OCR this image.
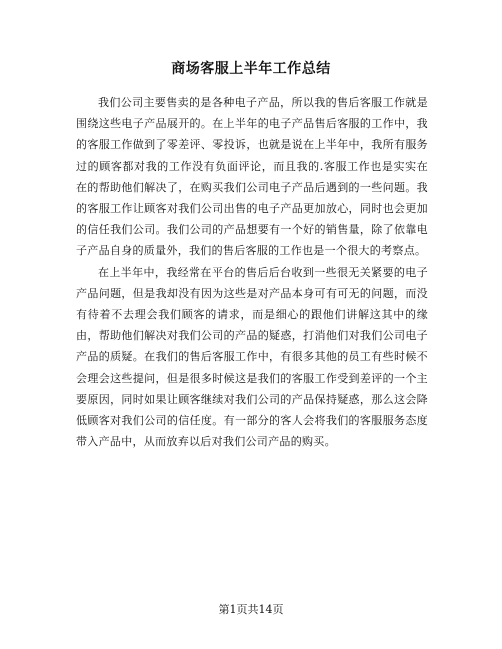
商场客服上半年工作总结

我们公司主要售卖的是各种电子产品，所以我的售后客服工作就是围绕这些电子产品展开的。在上半年的电子产品售后客服的工作中，我的客服工作做到了零差评、零投诉，也就是说在上半年中，我所有服务过的顾客都对我的工作没有负面评论，而且我的.客服工作也是实实在在的帮助他们解决了，在购买我们公司电子产品后遇到的一些问题。我的客服工作让顾客对我们公司出售的电子产品更加放心，同时也会更加的信任我们公司。我们公司的产品想要有一个好的销售量，除了依靠电子产品自身的质量外，我们的售后客服的工作也是一个很大的考察点。

在上半年中，我经常在平台的售后后台收到一些很无关紧要的电子产品问题，但是我却没有因为这些是对产品本身可有可无的问题，而没有待着不去理会我们顾客的请求，而是细心的跟他们讲解这其中的缘由，帮助他们解决对我们公司的产品的疑惑，打消他们对我们公司电子产品的质疑。在我们的售后客服工作中，有很多其他的员工有些时候不会理会这些提问，但是很多时候这是我们的客服工作受到差评的一个主要原因，同时如果让顾客继续对我们公司的产品保持疑惑，那么这会降低顾客对我们公司的信任度。有一部分的客人会将我们的客服服务态度带入产品中，从而放弃以后对我们公司产品的购买。

第1页共14页
